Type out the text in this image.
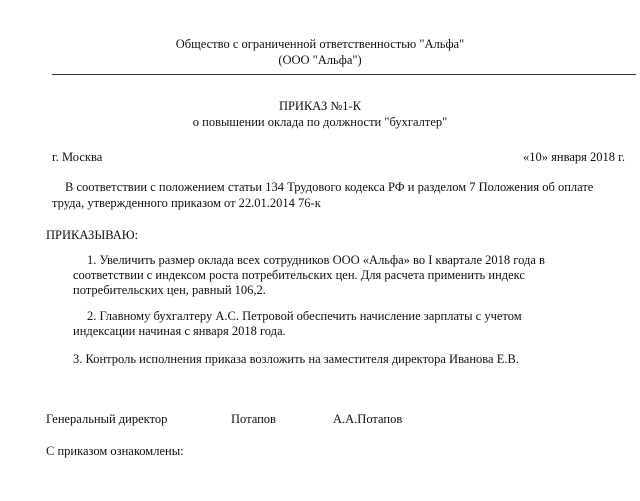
Общество с ограниченной ответственностью "Альфа"
(ООО "Альфа")
ПРИКАЗ №1-К
о повышении оклада по должности "бухгалтер"
г. Москва	«10» января 2018 г.
В соответствии с положением статьи 134 Трудового кодекса РФ и разделом 7 Положения об оплате
труда, утвержденного приказом от 22.01.2014 76-к
ПРИКАЗЫВАЮ:
1. Увеличить размер оклада всех сотрудников ООО «Альфа» во I квартале 2018 года в
соответствии с индексом роста потребительских цен. Для расчета применить индекс
потребительских цен, равный 106,2.
2. Главному бухгалтеру А.С. Петровой обеспечить начисление зарплаты с учетом
индексации начиная с января 2018 года.
3. Контроль исполнения приказа возложить на заместителя директора Иванова Е.В.
Генеральный директор	Потапов	А.А.Потапов
С приказом ознакомлены:
